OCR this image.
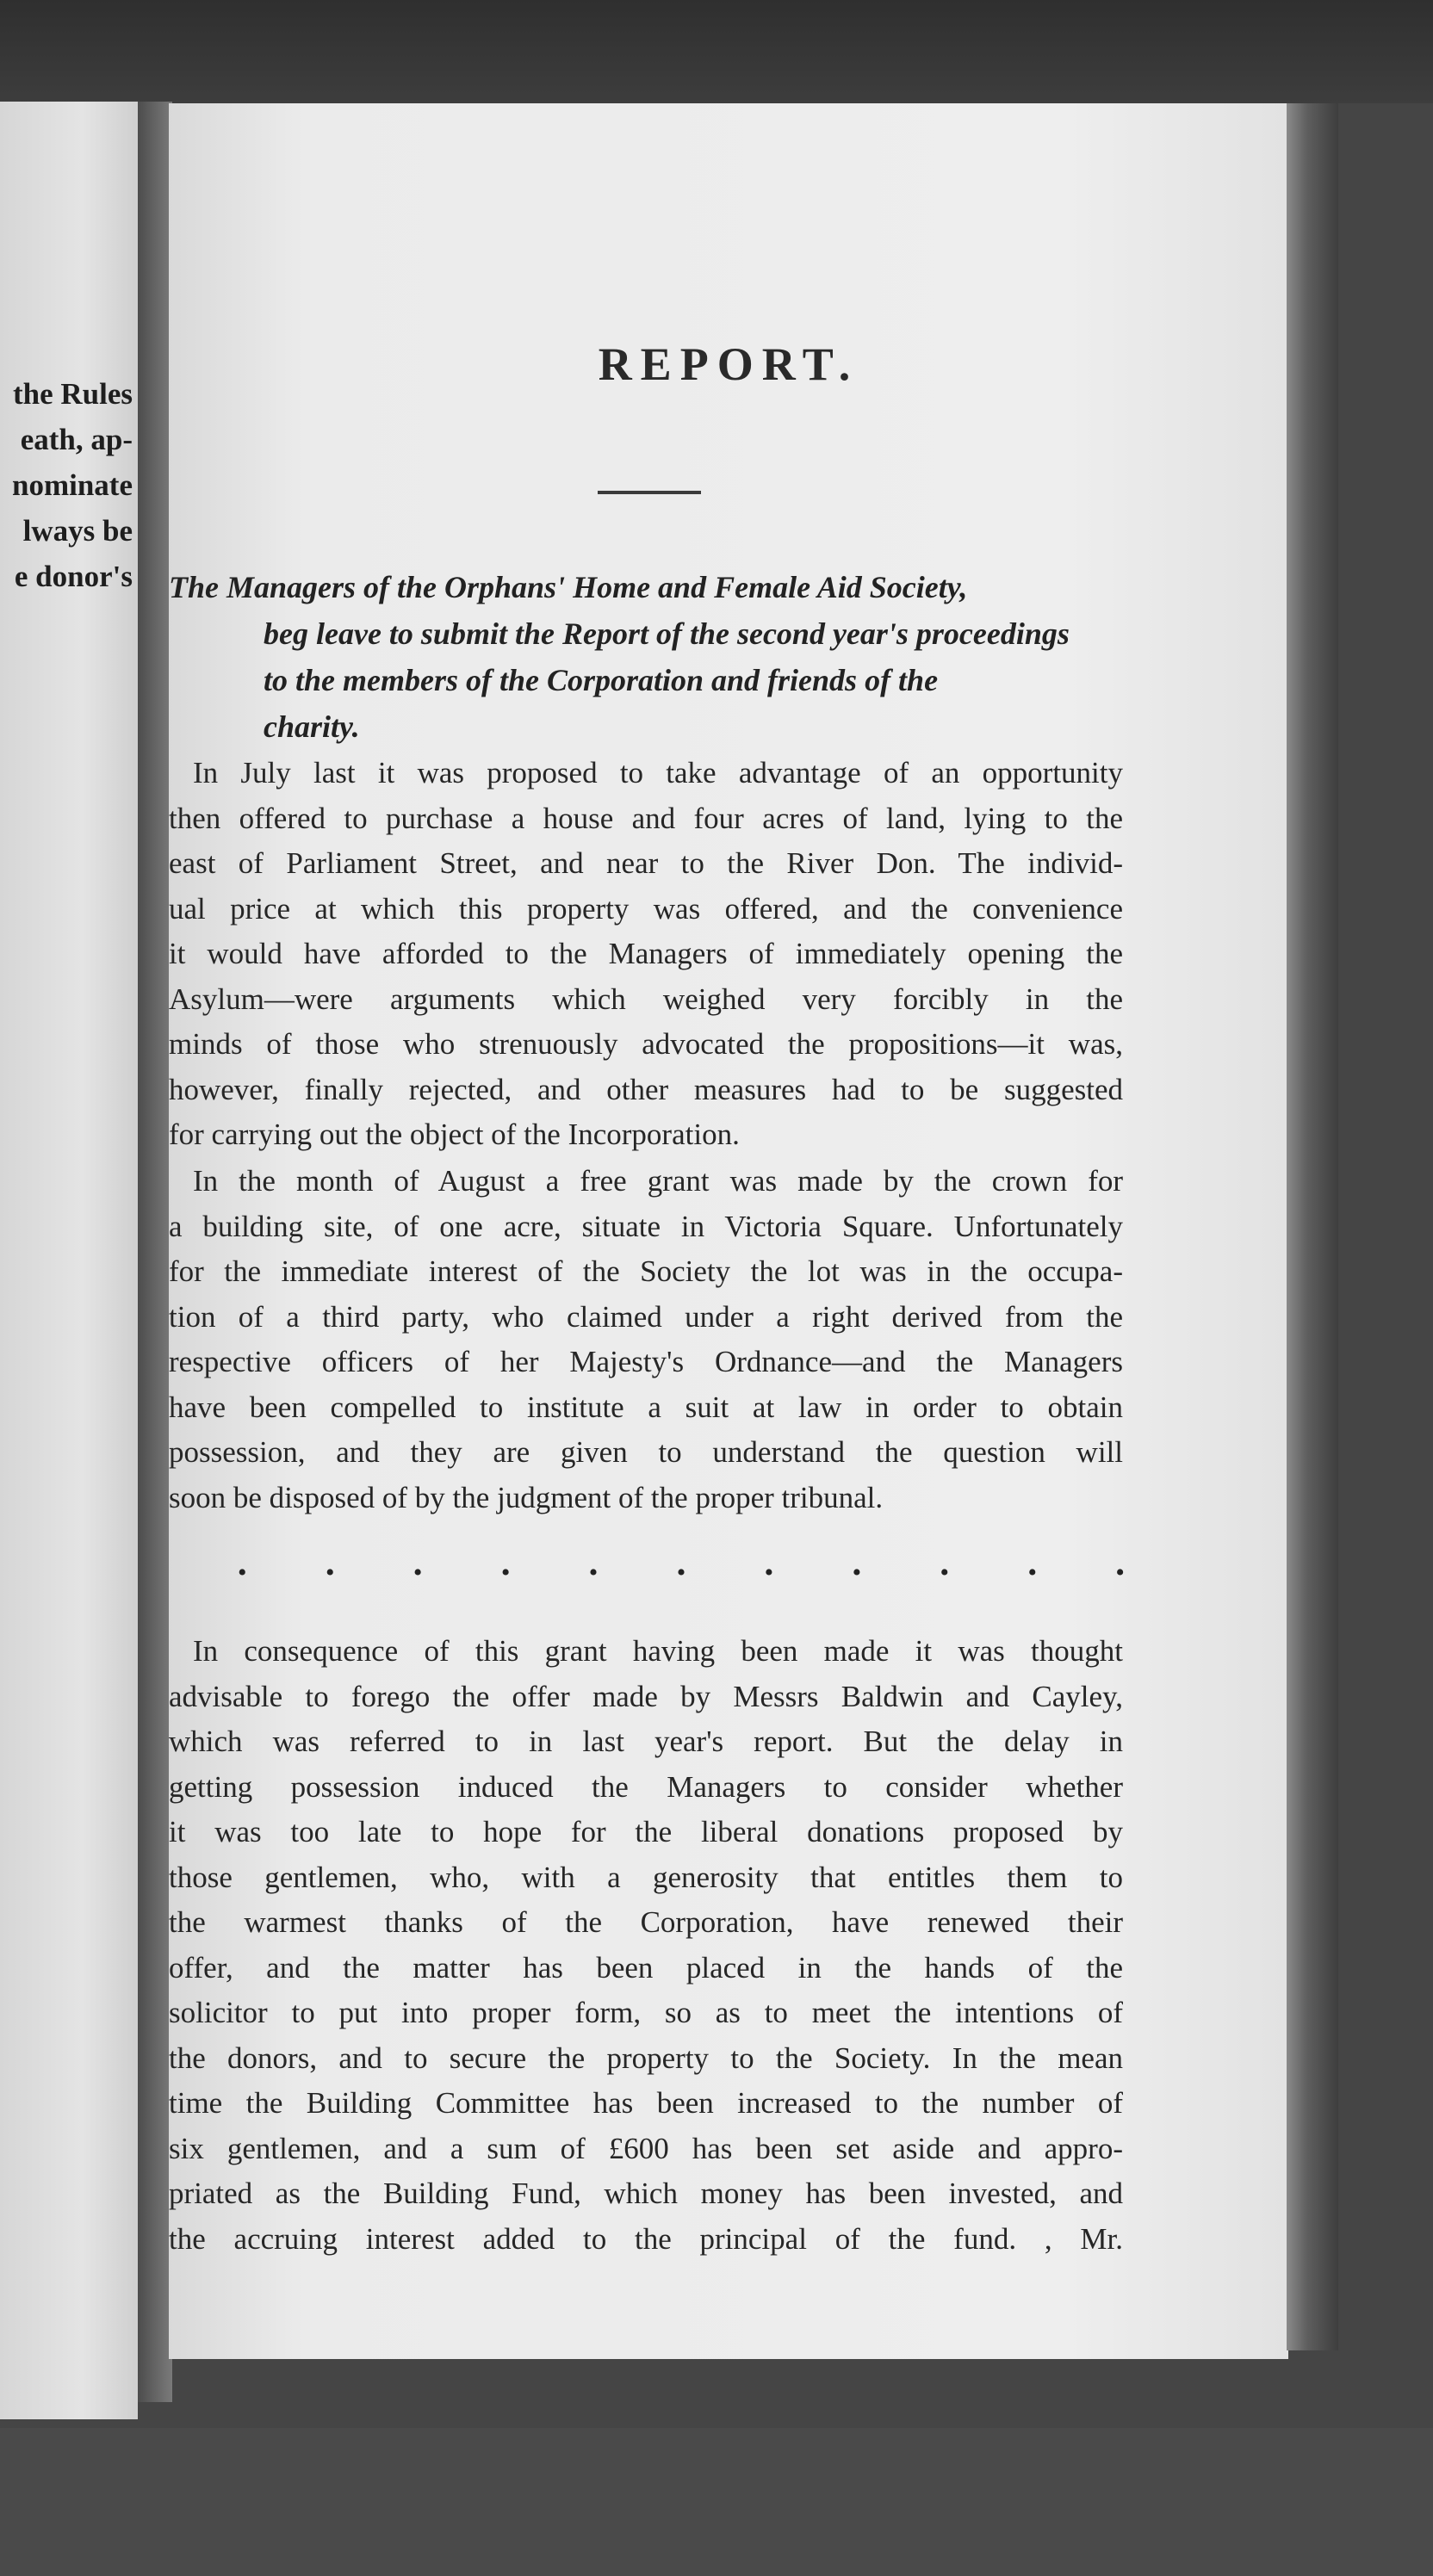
the Rules
eath, ap-
nominate
lways be
e donor's
REPORT.
The Managers of the Orphans' Home and Female Aid Society,
beg leave to submit the Report of the second year's proceedings
to the members of the Corporation and friends of the
charity.
In July last it was proposed to take advantage of an opportunity
then offered to purchase a house and four acres of land, lying to the
east of Parliament Street, and near to the River Don. The individ-
ual price at which this property was offered, and the convenience
it would have afforded to the Managers of immediately opening the
Asylum—were arguments which weighed very forcibly in the
minds of those who strenuously advocated the propositions—it was,
however, finally rejected, and other measures had to be suggested
for carrying out the object of the Incorporation.
In the month of August a free grant was made by the crown for
a building site, of one acre, situate in Victoria Square. Unfortunately
for the immediate interest of the Society the lot was in the occupa-
tion of a third party, who claimed under a right derived from the
respective officers of her Majesty's Ordnance—and the Managers
have been compelled to institute a suit at law in order to obtain
possession, and they are given to understand the question will
soon be disposed of by the judgment of the proper tribunal.
•	•	•	•	•	•	•	•	•	•	•
In consequence of this grant having been made it was thought
advisable to forego the offer made by Messrs Baldwin and Cayley,
which was referred to in last year's report. But the delay in
getting possession induced the Managers to consider whether
it was too late to hope for the liberal donations proposed by
those gentlemen, who, with a generosity that entitles them to
the warmest thanks of the Corporation, have renewed their
offer, and the matter has been placed in the hands of the
solicitor to put into proper form, so as to meet the intentions of
the donors, and to secure the property to the Society. In the mean
time the Building Committee has been increased to the number of
six gentlemen, and a sum of £600 has been set aside and appro-
priated as the Building Fund, which money has been invested, and
the accruing interest added to the principal of the fund. , Mr.
